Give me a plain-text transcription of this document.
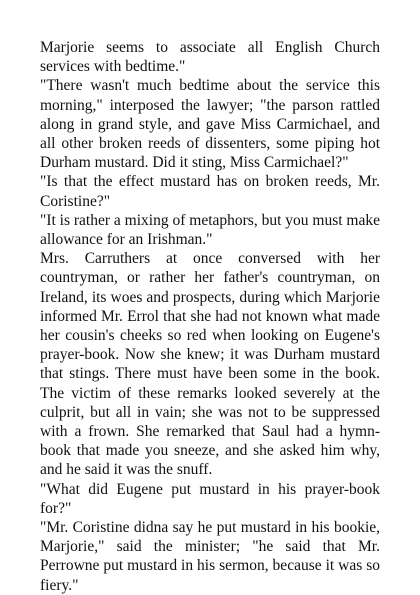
Marjorie seems to associate all English Church services with bedtime."

"There wasn't much bedtime about the service this morning," interposed the lawyer; "the parson rattled along in grand style, and gave Miss Carmichael, and all other broken reeds of dissenters, some piping hot Durham mustard. Did it sting, Miss Carmichael?"

"Is that the effect mustard has on broken reeds, Mr. Coristine?"

"It is rather a mixing of metaphors, but you must make allowance for an Irishman."

Mrs. Carruthers at once conversed with her countryman, or rather her father's countryman, on Ireland, its woes and prospects, during which Marjorie informed Mr. Errol that she had not known what made her cousin's cheeks so red when looking on Eugene's prayer-book. Now she knew; it was Durham mustard that stings. There must have been some in the book. The victim of these remarks looked severely at the culprit, but all in vain; she was not to be suppressed with a frown. She remarked that Saul had a hymn-book that made you sneeze, and she asked him why, and he said it was the snuff.

"What did Eugene put mustard in his prayer-book for?"

"Mr. Coristine didna say he put mustard in his bookie, Marjorie," said the minister; "he said that Mr. Perrowne put mustard in his sermon, because it was so fiery."
